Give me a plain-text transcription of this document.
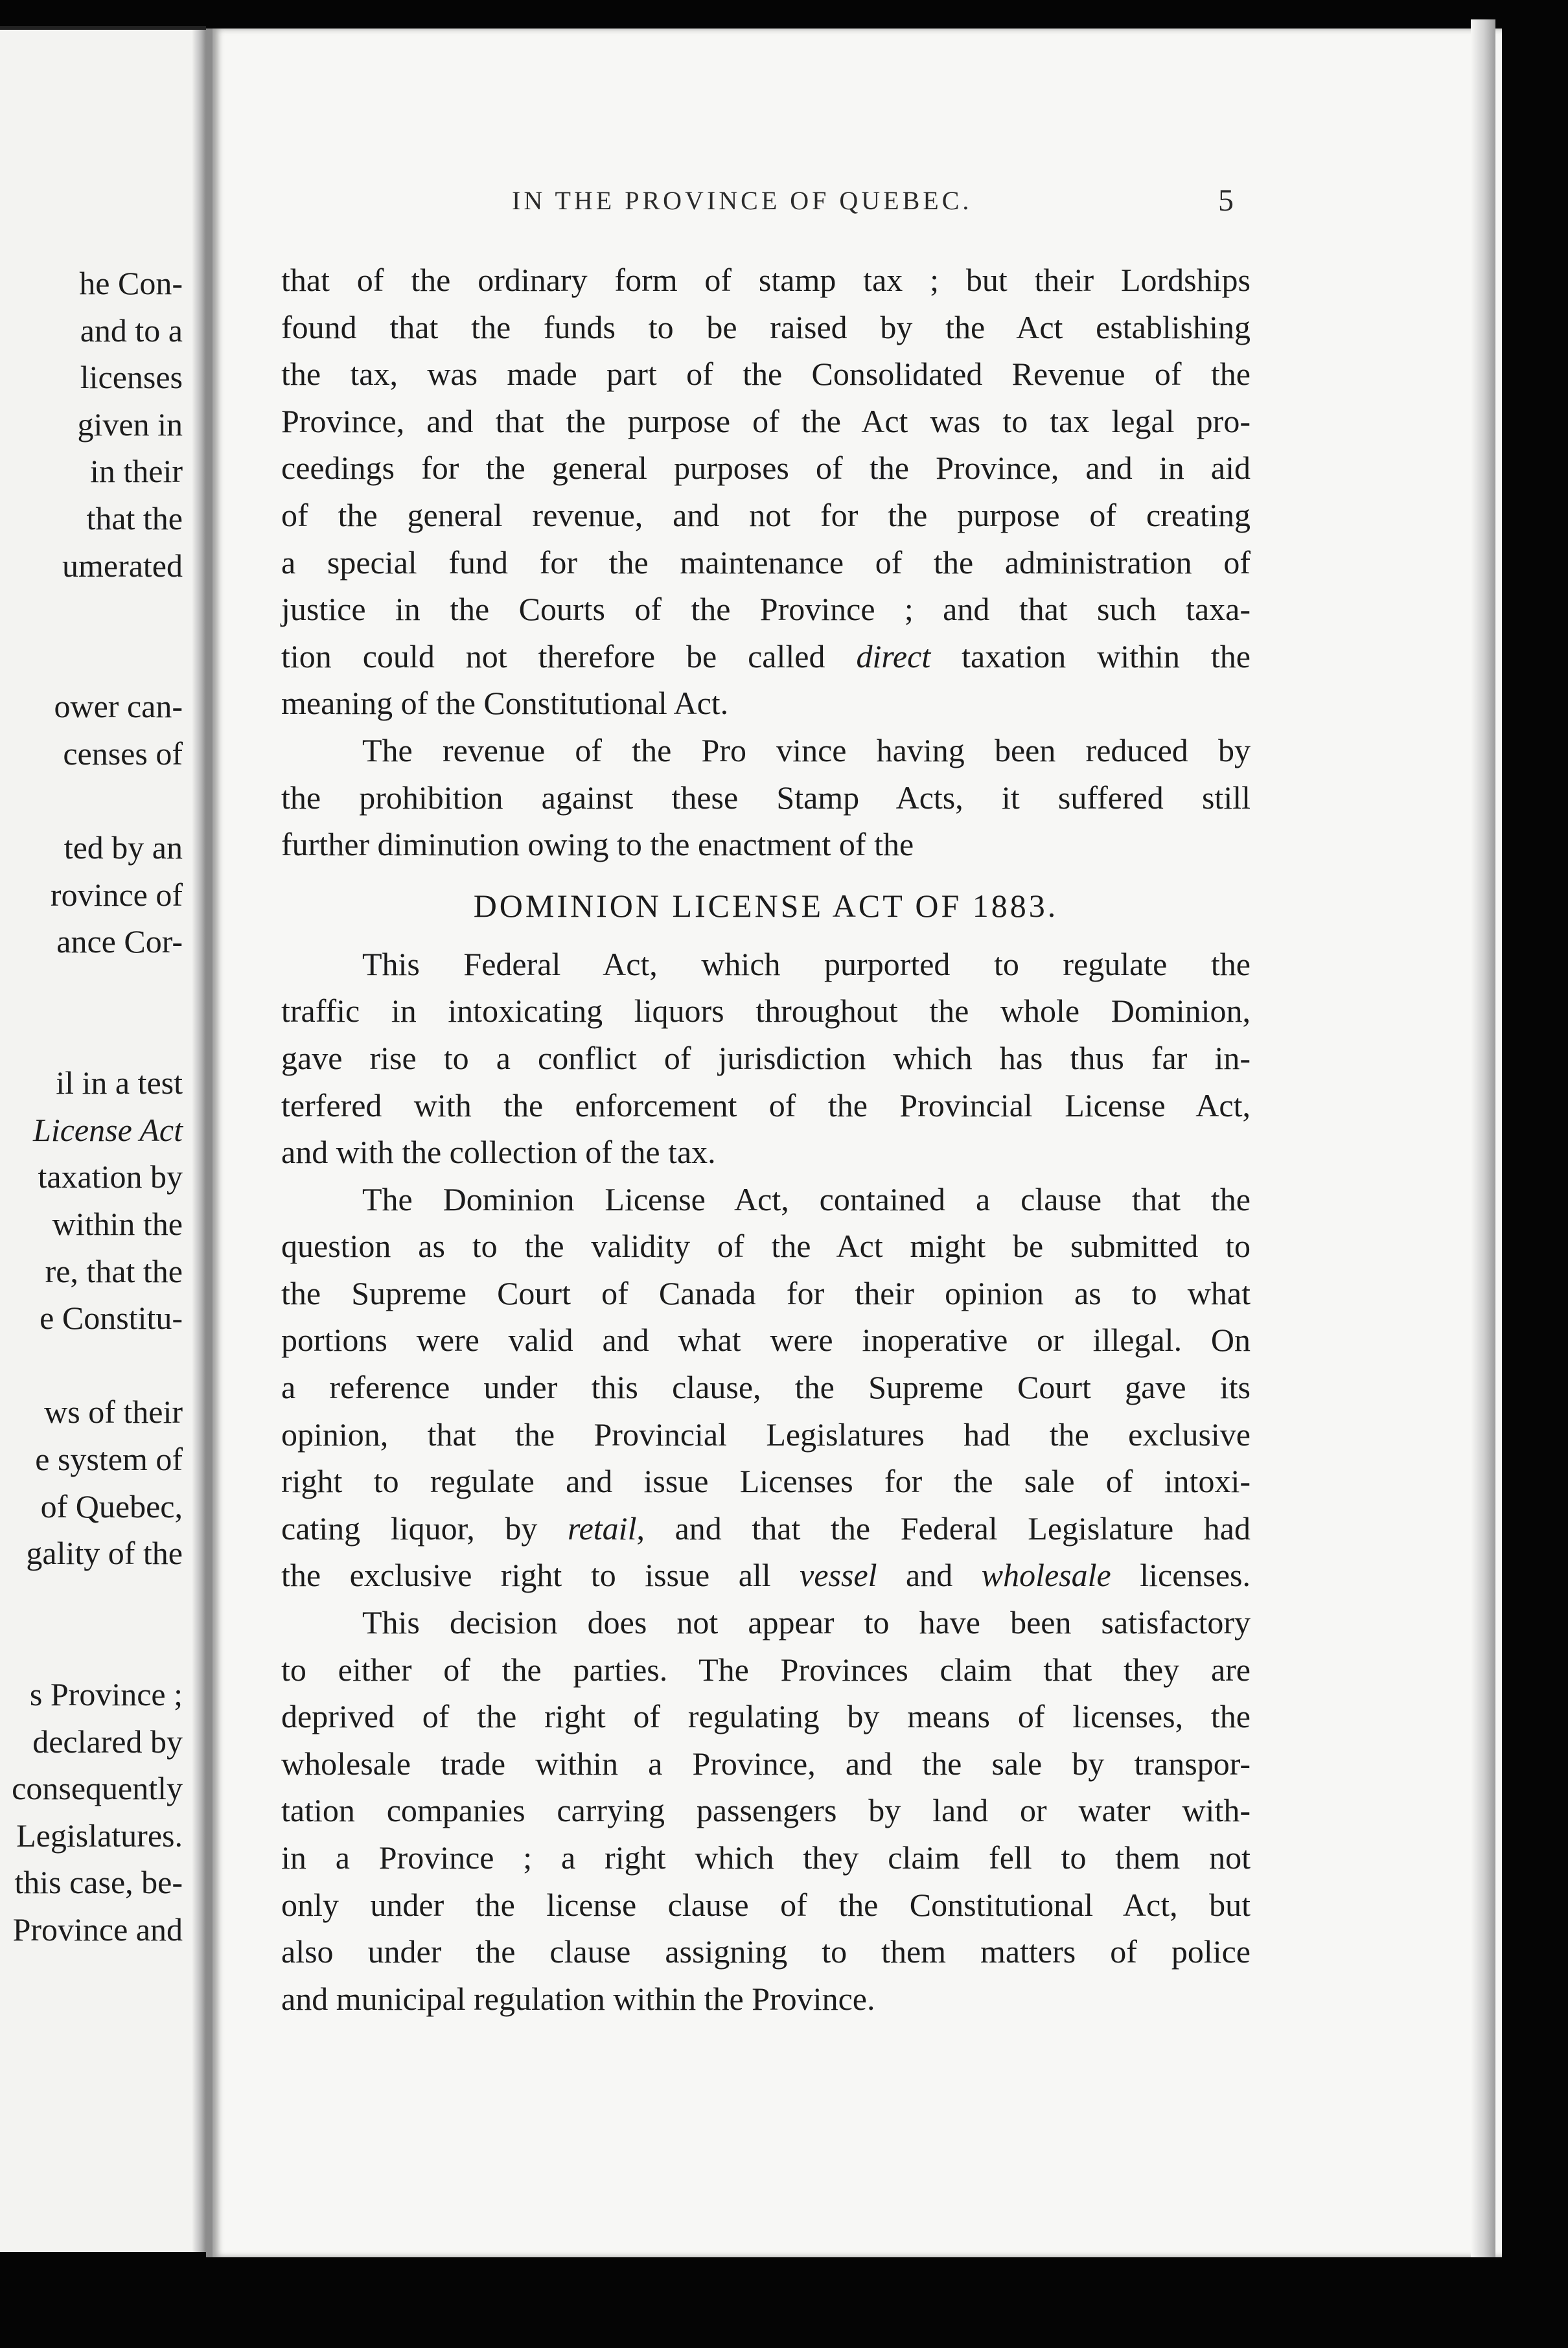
he Con-
and to a
licenses
given in
in their
that the
umerated
ower can-
censes of
ted by an
rovince of
ance Cor-
il in a test
License Act
taxation by
within the
re, that the
e Constitu-
ws of their
e system of
of Quebec,
gality of the
s Province ;
declared by
consequently
Legislatures.
this case, be-
Province and
IN THE PROVINCE OF QUEBEC.	5
that of the ordinary form of stamp tax ; but their Lordships
found that the funds to be raised by the Act establishing
the tax, was made part of the Consolidated Revenue of the
Province, and that the purpose of the Act was to tax legal pro-
ceedings for the general purposes of the Province, and in aid
of the general revenue, and not for the purpose of creating
a special fund for the maintenance of the administration of
justice in the Courts of the Province ; and that such taxa-
tion could not therefore be called direct taxation within the
meaning of the Constitutional Act.
The revenue of the Pro vince having been reduced by
the prohibition against these Stamp Acts, it suffered still
further diminution owing to the enactment of the
DOMINION LICENSE ACT OF 1883.
This Federal Act, which purported to regulate the
traffic in intoxicating liquors throughout the whole Dominion,
gave rise to a conflict of jurisdiction which has thus far in-
terfered with the enforcement of the Provincial License Act,
and with the collection of the tax.
The Dominion License Act, contained a clause that the
question as to the validity of the Act might be submitted to
the Supreme Court of Canada for their opinion as to what
portions were valid and what were inoperative or illegal. On
a reference under this clause, the Supreme Court gave its
opinion, that the Provincial Legislatures had the exclusive
right to regulate and issue Licenses for the sale of intoxi-
cating liquor, by retail, and that the Federal Legislature had
the exclusive right to issue all vessel and wholesale licenses.
This decision does not appear to have been satisfactory
to either of the parties. The Provinces claim that they are
deprived of the right of regulating by means of licenses, the
wholesale trade within a Province, and the sale by transpor-
tation companies carrying passengers by land or water with-
in a Province ; a right which they claim fell to them not
only under the license clause of the Constitutional Act, but
also under the clause assigning to them matters of police
and municipal regulation within the Province.
